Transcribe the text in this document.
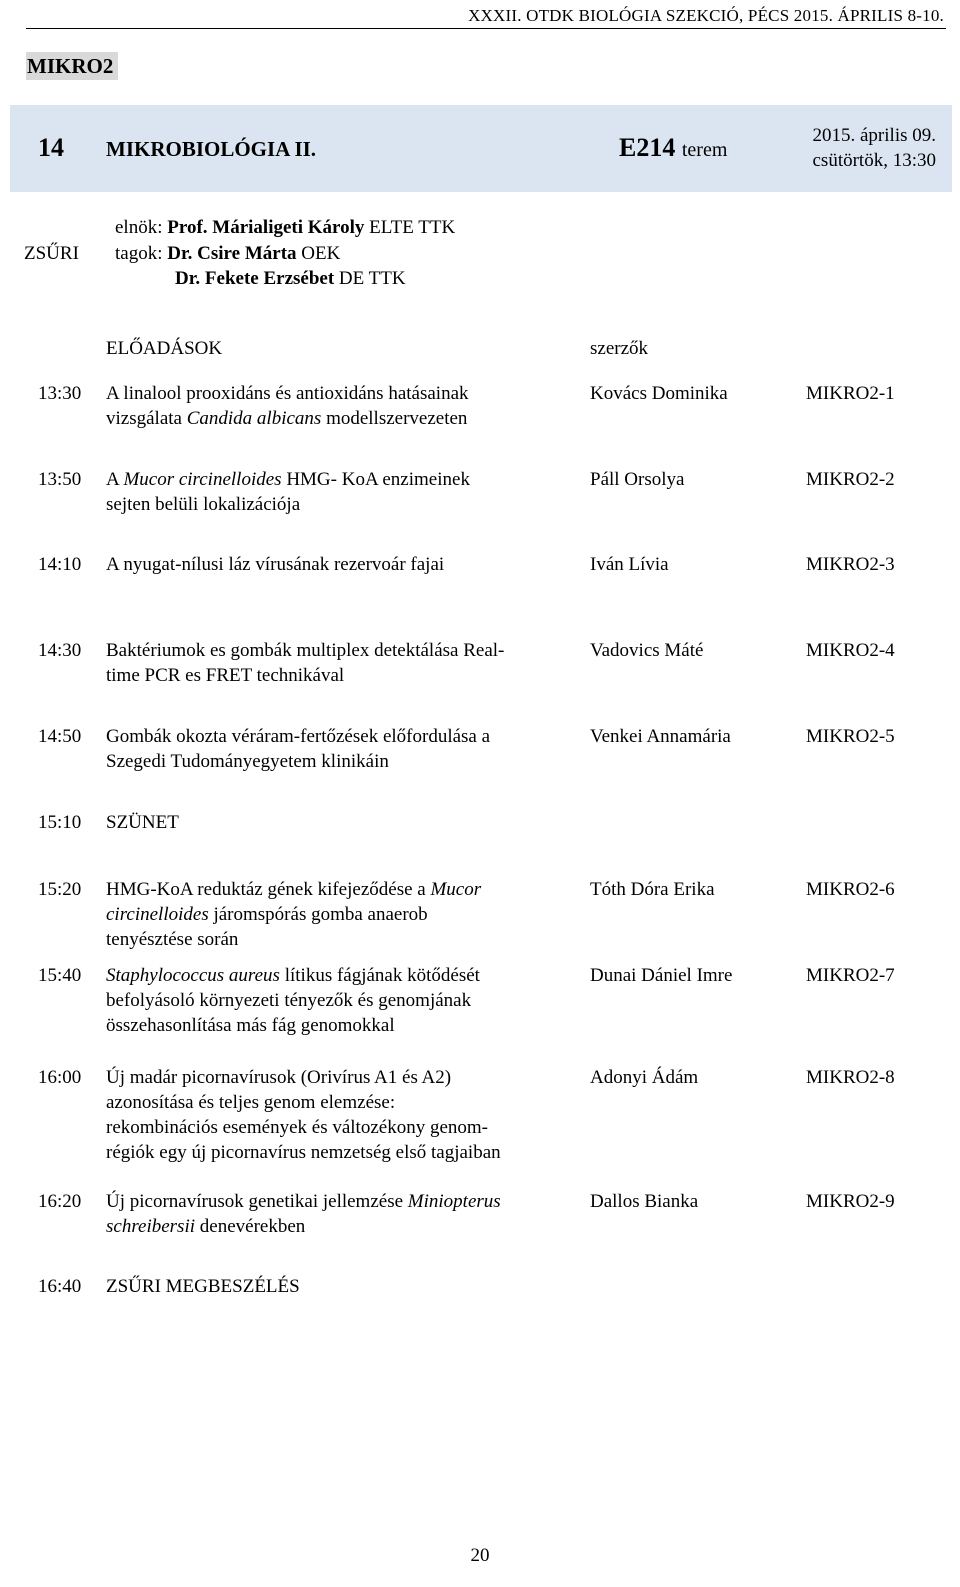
XXXII. OTDK BIOLÓGIA SZEKCIÓ, PÉCS 2015. ÁPRILIS 8-10.
MIKRO2
14 MIKROBIOLÓGIA II.	E214 terem
2015. április 09.
csütörtök, 13:30
ZSŰRI
elnök: Prof. Márialigeti Károly ELTE TTK
tagok: Dr. Csire Márta OEK
Dr. Fekete Erzsébet DE TTK
ELŐADÁSOK	szerzők
13:30 A linalool prooxidáns és antioxidáns hatásainak
vizsgálata Candida albicans modellszervezeten
Kovács Dominika	MIKRO2-1
13:50 A Mucor circinelloides HMG- KoA enzimeinek
sejten belüli lokalizációja
Páll Orsolya	MIKRO2-2
14:10 A nyugat-nílusi láz vírusának rezervoár fajai	Iván Lívia	MIKRO2-3
14:30 Baktériumok es gombák multiplex detektálása Real-
time PCR es FRET technikával
Vadovics Máté	MIKRO2-4
14:50 Gombák okozta véráram-fertőzések előfordulása a
Szegedi Tudományegyetem klinikáin
Venkei Annamária	MIKRO2-5
15:10 SZÜNET
15:20 HMG-KoA reduktáz gének kifejeződése a Mucor
circinelloides járomspórás gomba anaerob
tenyésztése során
Tóth Dóra Erika	MIKRO2-6
15:40 Staphylococcus aureus lítikus fágjának kötődését
befolyásoló környezeti tényezők és genomjának
összehasonlítása más fág genomokkal
Dunai Dániel Imre	MIKRO2-7
16:00 Új madár picornavírusok (Orivírus A1 és A2)
azonosítása és teljes genom elemzése:
rekombinációs események és változékony genom-
régiók egy új picornavírus nemzetség első tagjaiban
Adonyi Ádám	MIKRO2-8
16:20 Új picornavírusok genetikai jellemzése Miniopterus
schreibersii denevérekben
Dallos Bianka	MIKRO2-9
16:40 ZSŰRI MEGBESZÉLÉS
20
